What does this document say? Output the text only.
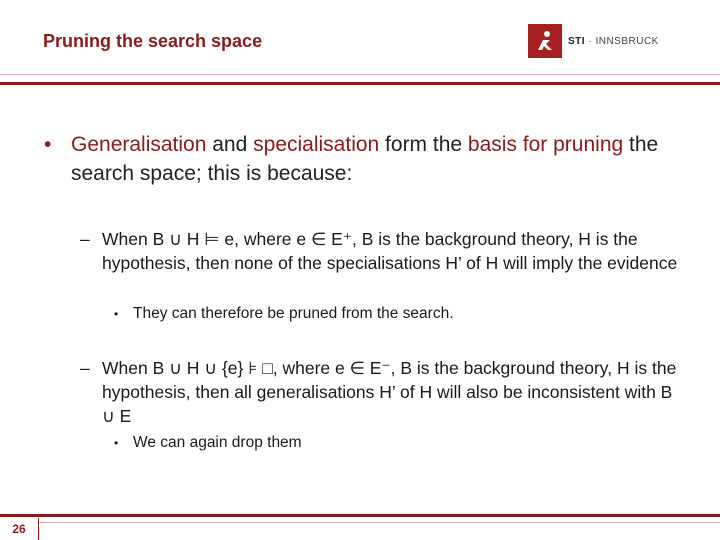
Pruning the search space	STI · INNSBRUCK
• Generalisation and specialisation form the basis for pruning the search space; this is because:
– When B ∪ H ⊨ e, where e ∈ E⁺, B is the background theory, H is the hypothesis, then none of the specialisations H’ of H will imply the evidence
• They can therefore be pruned from the search.
– When B ∪ H ∪ {e} ⊧ □, where e ∈ E⁻, B is the background theory, H is the hypothesis, then all generalisations H’ of H will also be inconsistent with B ∪ E
• We can again drop them
26
